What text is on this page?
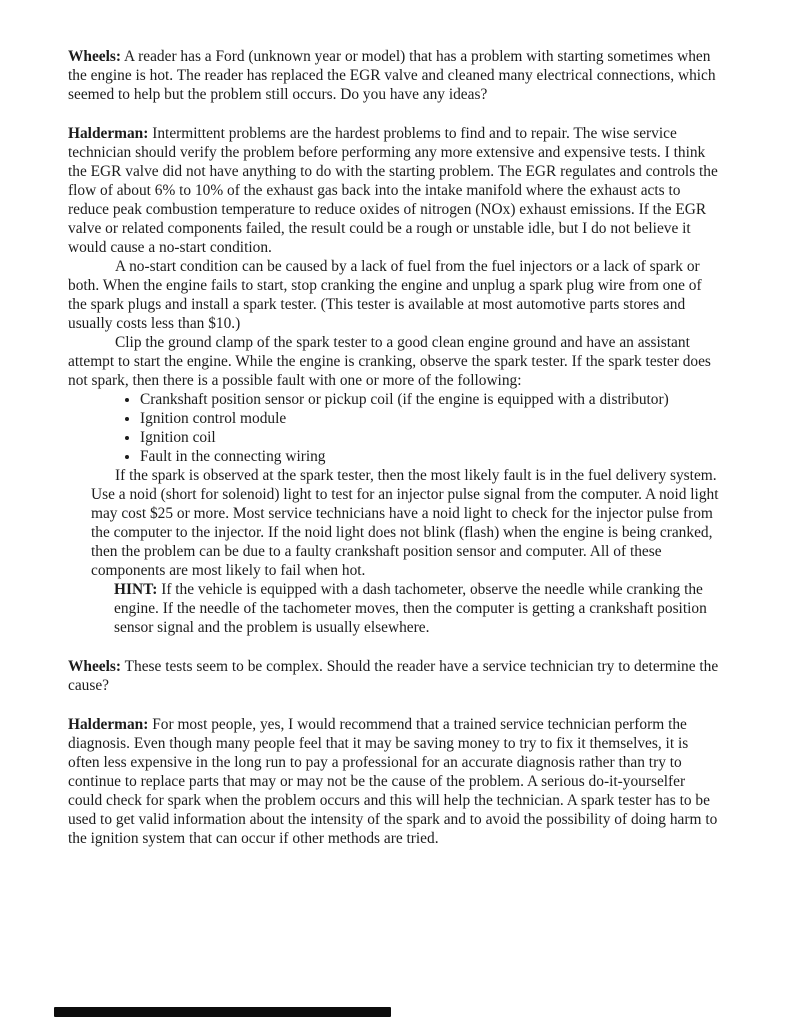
Wheels: A reader has a Ford (unknown year or model) that has a problem with starting sometimes when the engine is hot. The reader has replaced the EGR valve and cleaned many electrical connections, which seemed to help but the problem still occurs. Do you have any ideas?

Halderman: Intermittent problems are the hardest problems to find and to repair. The wise service technician should verify the problem before performing any more extensive and expensive tests. I think the EGR valve did not have anything to do with the starting problem. The EGR regulates and controls the flow of about 6% to 10% of the exhaust gas back into the intake manifold where the exhaust acts to reduce peak combustion temperature to reduce oxides of nitrogen (NOx) exhaust emissions. If the EGR valve or related components failed, the result could be a rough or unstable idle, but I do not believe it would cause a no-start condition.

A no-start condition can be caused by a lack of fuel from the fuel injectors or a lack of spark or both. When the engine fails to start, stop cranking the engine and unplug a spark plug wire from one of the spark plugs and install a spark tester. (This tester is available at most automotive parts stores and usually costs less than $10.)

Clip the ground clamp of the spark tester to a good clean engine ground and have an assistant attempt to start the engine. While the engine is cranking, observe the spark tester. If the spark tester does not spark, then there is a possible fault with one or more of the following:

• Crankshaft position sensor or pickup coil (if the engine is equipped with a distributor)
• Ignition control module
• Ignition coil
• Fault in the connecting wiring

If the spark is observed at the spark tester, then the most likely fault is in the fuel delivery system. Use a noid (short for solenoid) light to test for an injector pulse signal from the computer. A noid light may cost $25 or more. Most service technicians have a noid light to check for the injector pulse from the computer to the injector. If the noid light does not blink (flash) when the engine is being cranked, then the problem can be due to a faulty crankshaft position sensor and computer. All of these components are most likely to fail when hot.

HINT: If the vehicle is equipped with a dash tachometer, observe the needle while cranking the engine. If the needle of the tachometer moves, then the computer is getting a crankshaft position sensor signal and the problem is usually elsewhere.

Wheels: These tests seem to be complex. Should the reader have a service technician try to determine the cause?

Halderman: For most people, yes, I would recommend that a trained service technician perform the diagnosis. Even though many people feel that it may be saving money to try to fix it themselves, it is often less expensive in the long run to pay a professional for an accurate diagnosis rather than try to continue to replace parts that may or may not be the cause of the problem. A serious do-it-yourselfer could check for spark when the problem occurs and this will help the technician. A spark tester has to be used to get valid information about the intensity of the spark and to avoid the possibility of doing harm to the ignition system that can occur if other methods are tried.
